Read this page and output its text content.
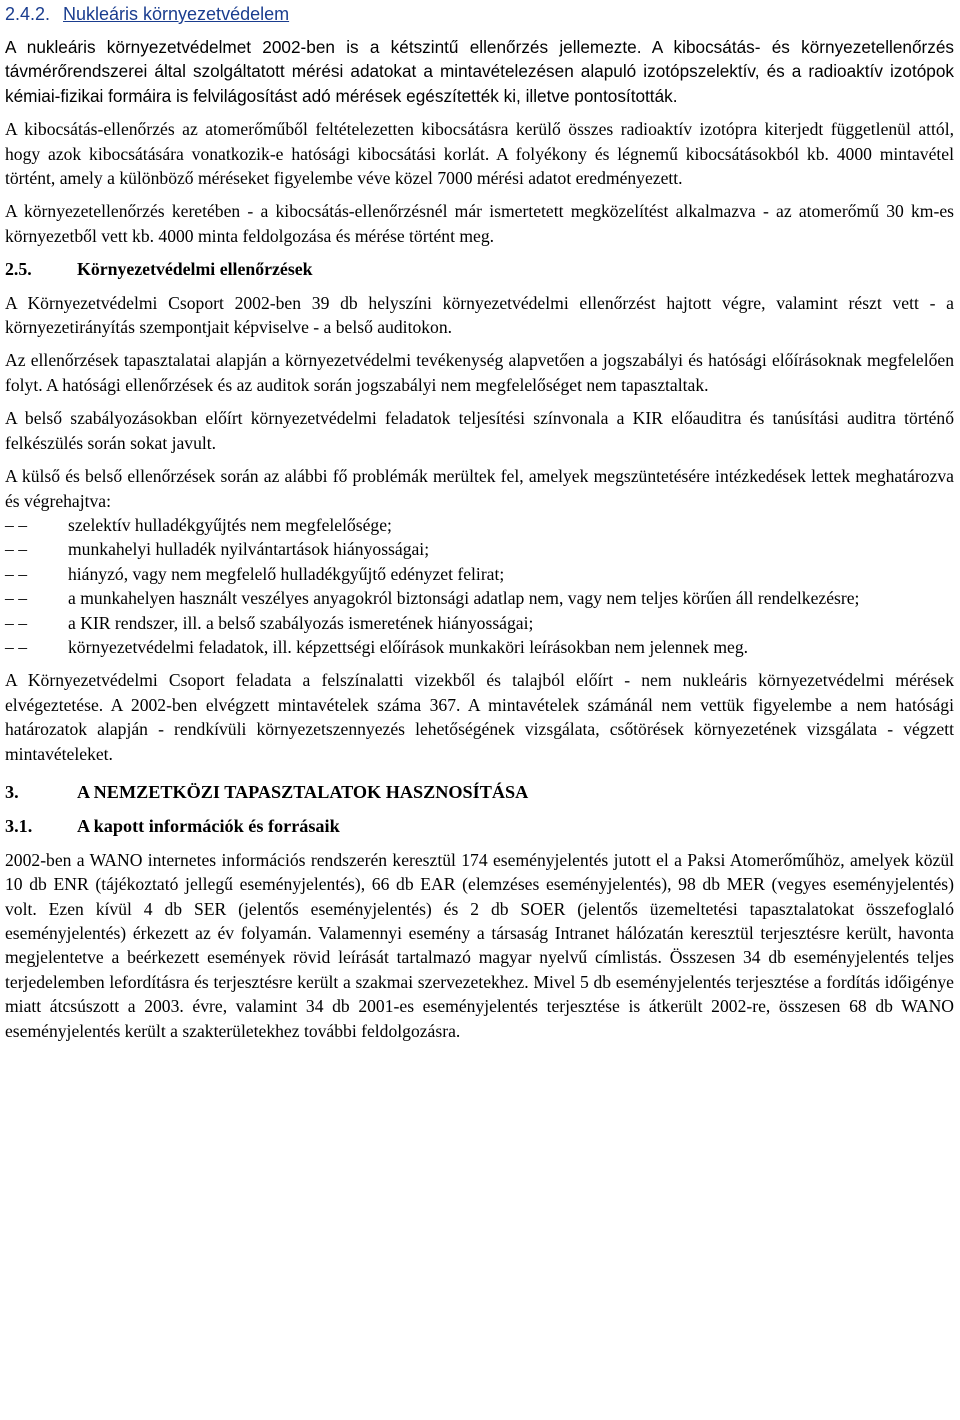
2.4.2. Nukleáris környezetvédelem

A nukleáris környezetvédelmet 2002-ben is a kétszintű ellenőrzés jellemezte. A kibocsátás- és környezetellenőrzés távmérőrendszerei által szolgáltatott mérési adatokat a mintavételezésen alapuló izotópszelektív, és a radioaktív izotópok kémiai-fizikai formáira is felvilágosítást adó mérések egészítették ki, illetve pontosították.

A kibocsátás-ellenőrzés az atomerőműből feltételezetten kibocsátásra kerülő összes radioaktív izotópra kiterjedt függetlenül attól, hogy azok kibocsátására vonatkozik-e hatósági kibocsátási korlát. A folyékony és légnemű kibocsátásokból kb. 4000 mintavétel történt, amely a különböző méréseket figyelembe véve közel 7000 mérési adatot eredményezett.

A környezetellenőrzés keretében - a kibocsátás-ellenőrzésnél már ismertetett megközelítést alkalmazva - az atomerőmű 30 km-es környezetből vett kb. 4000 minta feldolgozása és mérése történt meg.

2.5.	Környezetvédelmi ellenőrzések

A Környezetvédelmi Csoport 2002-ben 39 db helyszíni környezetvédelmi ellenőrzést hajtott végre, valamint részt vett - a környezetirányítás szempontjait képviselve - a belső auditokon.

Az ellenőrzések tapasztalatai alapján a környezetvédelmi tevékenység alapvetően a jogszabályi és hatósági előírásoknak megfelelően folyt. A hatósági ellenőrzések és az auditok során jogszabályi nem megfelelőséget nem tapasztaltak.

A belső szabályozásokban előírt környezetvédelmi feladatok teljesítési színvonala a KIR előauditra és tanúsítási auditra történő felkészülés során sokat javult.

A külső és belső ellenőrzések során az alábbi fő problémák merültek fel, amelyek megszüntetésére intézkedések lettek meghatározva és végrehajtva:

– –	szelektív hulladékgyűjtés nem megfelelősége;
– –	munkahelyi hulladék nyilvántartások hiányosságai;
– –	hiányzó, vagy nem megfelelő hulladékgyűjtő edényzet felirat;
– –	a munkahelyen használt veszélyes anyagokról biztonsági adatlap nem, vagy nem teljes körűen áll rendelkezésre;
– –	a KIR rendszer, ill. a belső szabályozás ismeretének hiányosságai;
– –	környezetvédelmi feladatok, ill. képzettségi előírások munkaköri leírásokban nem jelennek meg.

A Környezetvédelmi Csoport feladata a felszínalatti vizekből és talajból előírt - nem nukleáris környezetvédelmi mérések elvégeztetése. A 2002-ben elvégzett mintavételek száma 367. A mintavételek számánál nem vettük figyelembe a nem hatósági határozatok alapján - rendkívüli környezetszennyezés lehetőségének vizsgálata, csőtörések környezetének vizsgálata - végzett mintavételeket.

3.	A NEMZETKÖZI TAPASZTALATOK HASZNOSÍTÁSA
3.1. A kapott információk és forrásaik

2002-ben a WANO internetes információs rendszerén keresztül 174 eseményjelentés jutott el a Paksi Atomerőműhöz, amelyek közül 10 db ENR (tájékoztató jellegű eseményjelentés), 66 db EAR (elemzéses eseményjelentés), 98 db MER (vegyes eseményjelentés) volt. Ezen kívül 4 db SER (jelentős eseményjelentés) és 2 db SOER (jelentős üzemeltetési tapasztalatokat összefoglaló eseményjelentés) érkezett az év folyamán. Valamennyi esemény a társaság Intranet hálózatán keresztül terjesztésre került, havonta megjelentetve a beérkezett események rövid leírását tartalmazó magyar nyelvű címlistás. Összesen 34 db eseményjelentés teljes terjedelemben lefordításra és terjesztésre került a szakmai szervezetekhez. Mivel 5 db eseményjelentés terjesztése a fordítás időigénye miatt átcsúszott a 2003. évre, valamint 34 db 2001-es eseményjelentés terjesztése is átkerült 2002-re, összesen 68 db WANO eseményjelentés került a szakterületekhez további feldolgozásra.
